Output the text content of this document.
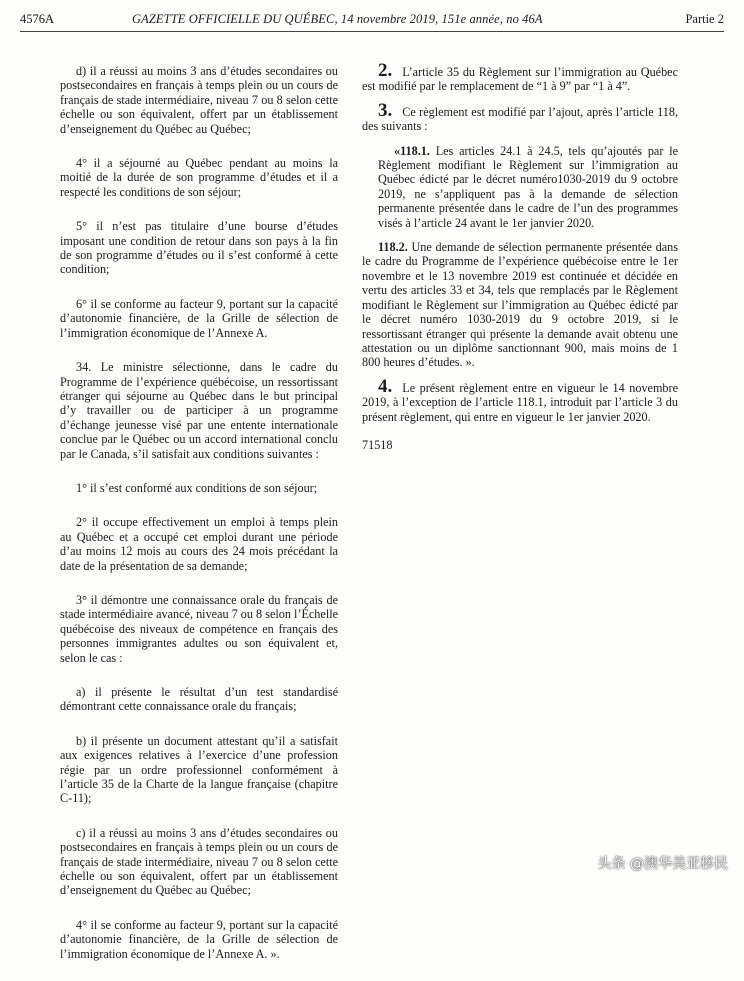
4576A	GAZETTE OFFICIELLE DU QUÉBEC, 14 novembre 2019, 151e année, no 46A	Partie 2

d) il a réussi au moins 3 ans d’études secondaires ou postsecondaires en français à temps plein ou un cours de français de stade intermédiaire, niveau 7 ou 8 selon cette échelle ou son équivalent, offert par un établissement d’enseignement du Québec au Québec;

4° il a séjourné au Québec pendant au moins la moitié de la durée de son programme d’études et il a respecté les conditions de son séjour;

5° il n’est pas titulaire d’une bourse d’études imposant une condition de retour dans son pays à la fin de son programme d’études ou il s’est conformé à cette condition;

6° il se conforme au facteur 9, portant sur la capacité d’autonomie financière, de la Grille de sélection de l’immigration économique de l’Annexe A.

34. Le ministre sélectionne, dans le cadre du Programme de l’expérience québécoise, un ressortissant étranger qui séjourne au Québec dans le but principal d’y travailler ou de participer à un programme d’échange jeunesse visé par une entente internationale conclue par le Québec ou un accord international conclu par le Canada, s’il satisfait aux conditions suivantes :

1° il s’est conformé aux conditions de son séjour;

2° il occupe effectivement un emploi à temps plein au Québec et a occupé cet emploi durant une période d’au moins 12 mois au cours des 24 mois précédant la date de la présentation de sa demande;

3° il démontre une connaissance orale du français de stade intermédiaire avancé, niveau 7 ou 8 selon l’Échelle québécoise des niveaux de compétence en français des personnes immigrantes adultes ou son équivalent et, selon le cas :

a) il présente le résultat d’un test standardisé démontrant cette connaissance orale du français;

b) il présente un document attestant qu’il a satisfait aux exigences relatives à l’exercice d’une profession régie par un ordre professionnel conformément à l’article 35 de la Charte de la langue française (chapitre C-11);

c) il a réussi au moins 3 ans d’études secondaires ou postsecondaires en français à temps plein ou un cours de français de stade intermédiaire, niveau 7 ou 8 selon cette échelle ou son équivalent, offert par un établissement d’enseignement du Québec au Québec;

4° il se conforme au facteur 9, portant sur la capacité d’autonomie financière, de la Grille de sélection de l’immigration économique de l’Annexe A. ».

2. L’article 35 du Règlement sur l’immigration au Québec est modifié par le remplacement de “1 à 9” par “1 à 4”.

3. Ce règlement est modifié par l’ajout, après l’article 118, des suivants :

«118.1. Les articles 24.1 à 24.5, tels qu’ajoutés par le Règlement modifiant le Règlement sur l’immigration au Québec édicté par le décret numéro1030-2019 du 9 octobre 2019, ne s’appliquent pas à la demande de sélection permanente présentée dans le cadre de l’un des programmes visés à l’article 24 avant le 1er janvier 2020.

118.2. Une demande de sélection permanente présentée dans le cadre du Programme de l’expérience québécoise entre le 1er novembre et le 13 novembre 2019 est continuée et décidée en vertu des articles 33 et 34, tels que remplacés par le Règlement modifiant le Règlement sur l’immigration au Québec édicté par le décret numéro 1030-2019 du 9 octobre 2019, si le ressortissant étranger qui présente la demande avait obtenu une attestation ou un diplôme sanctionnant 900, mais moins de 1 800 heures d’études. ».

4. Le présent règlement entre en vigueur le 14 novembre 2019, à l’exception de l’article 118.1, introduit par l’article 3 du présent règlement, qui entre en vigueur le 1er janvier 2020.

71518

头条 @澳华美亚移民
